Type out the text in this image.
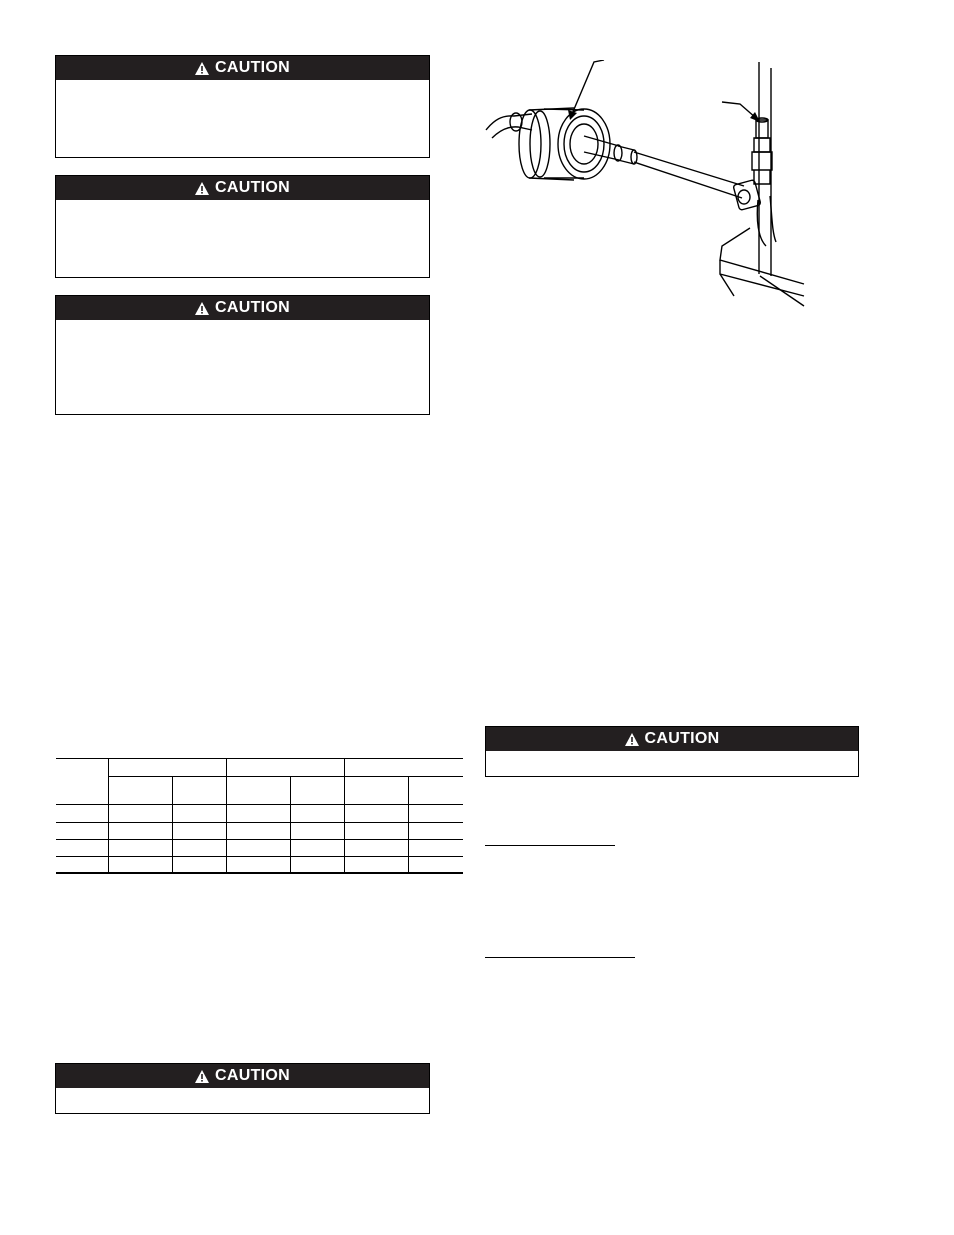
CAUTION
CAUTION
CAUTION
CAUTION
CAUTION
